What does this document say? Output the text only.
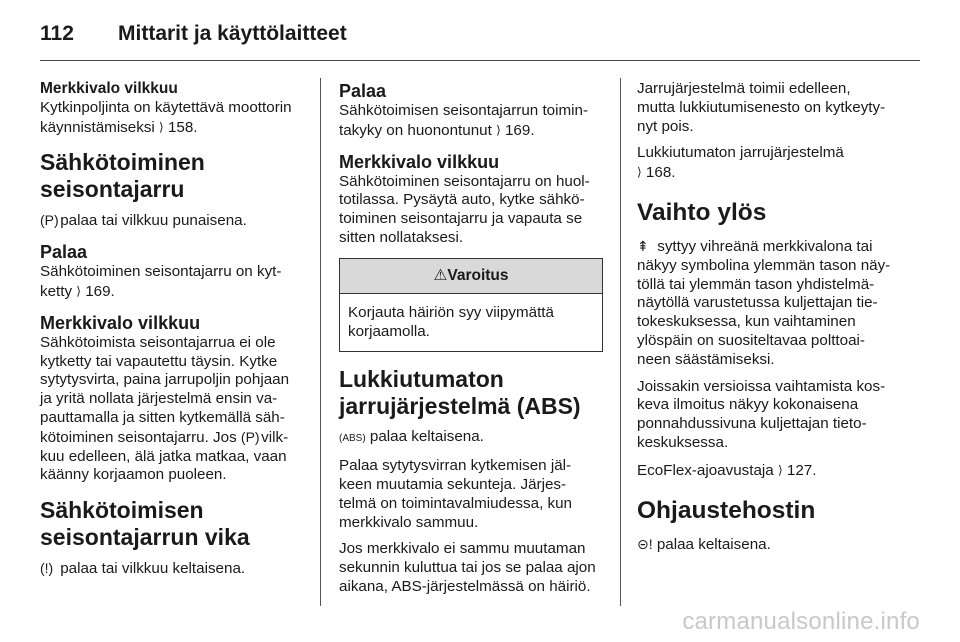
112	Mittarit ja käyttölaitteet

Merkkivalo vilkkuu

Kytkinpoljinta on käytettävä moottorin
käynnistämiseksi ⟩ 158.

Sähkötoiminen
seisontajarru

(P) palaa tai vilkkuu punaisena.

Palaa

Sähkötoiminen seisontajarru on kyt-
ketty ⟩ 169.

Merkkivalo vilkkuu

Sähkötoimista seisontajarrua ei ole
kytketty tai vapautettu täysin. Kytke
sytytysvirta, paina jarrupoljin pohjaan
ja yritä nollata järjestelmä ensin va-
pauttamalla ja sitten kytkemällä säh-
kötoiminen seisontajarru. Jos (P) vilk-
kuu edelleen, älä jatka matkaa, vaan
käänny korjaamon puoleen.

Sähkötoimisen
seisontajarrun vika

(!) palaa tai vilkkuu keltaisena.

Palaa

Sähkötoimisen seisontajarrun toimin-
takyky on huonontunut ⟩ 169.

Merkkivalo vilkkuu

Sähkötoiminen seisontajarru on huol-
totilassa. Pysäytä auto, kytke sähkö-
toiminen seisontajarru ja vapauta se
sitten nollataksesi.

⚠Varoitus
Korjauta häiriön syy viipymättä
korjaamolla.
Lukkiutumaton
jarrujärjestelmä (ABS)

(ABS) palaa keltaisena.

Palaa sytytysvirran kytkemisen jäl-
keen muutamia sekunteja. Järjes-
telmä on toimintavalmiudessa, kun
merkkivalo sammuu.

Jos merkkivalo ei sammu muutaman
sekunnin kuluttua tai jos se palaa ajon
aikana, ABS-järjestelmässä on häiriö.

Jarrujärjestelmä toimii edelleen,
mutta lukkiutumisenesto on kytkeyty-
nyt pois.

Lukkiutumaton jarrujärjestelmä
⟩ 168.

Vaihto ylös

⇞ syttyy vihreänä merkkivalona tai
näkyy symbolina ylemmän tason näy-
töllä tai ylemmän tason yhdistelmä-
näytöllä varustetussa kuljettajan tie-
tokeskuksessa, kun vaihtaminen
ylöspäin on suositeltavaa polttoai-
neen säästämiseksi.

Joissakin versioissa vaihtamista kos-
keva ilmoitus näkyy kokonaisena
ponnahdussivuna kuljettajan tieto-
keskuksessa.

EcoFlex-ajoavustaja ⟩ 127.

Ohjaustehostin

⊝! palaa keltaisena.

carmanualsonline.info
